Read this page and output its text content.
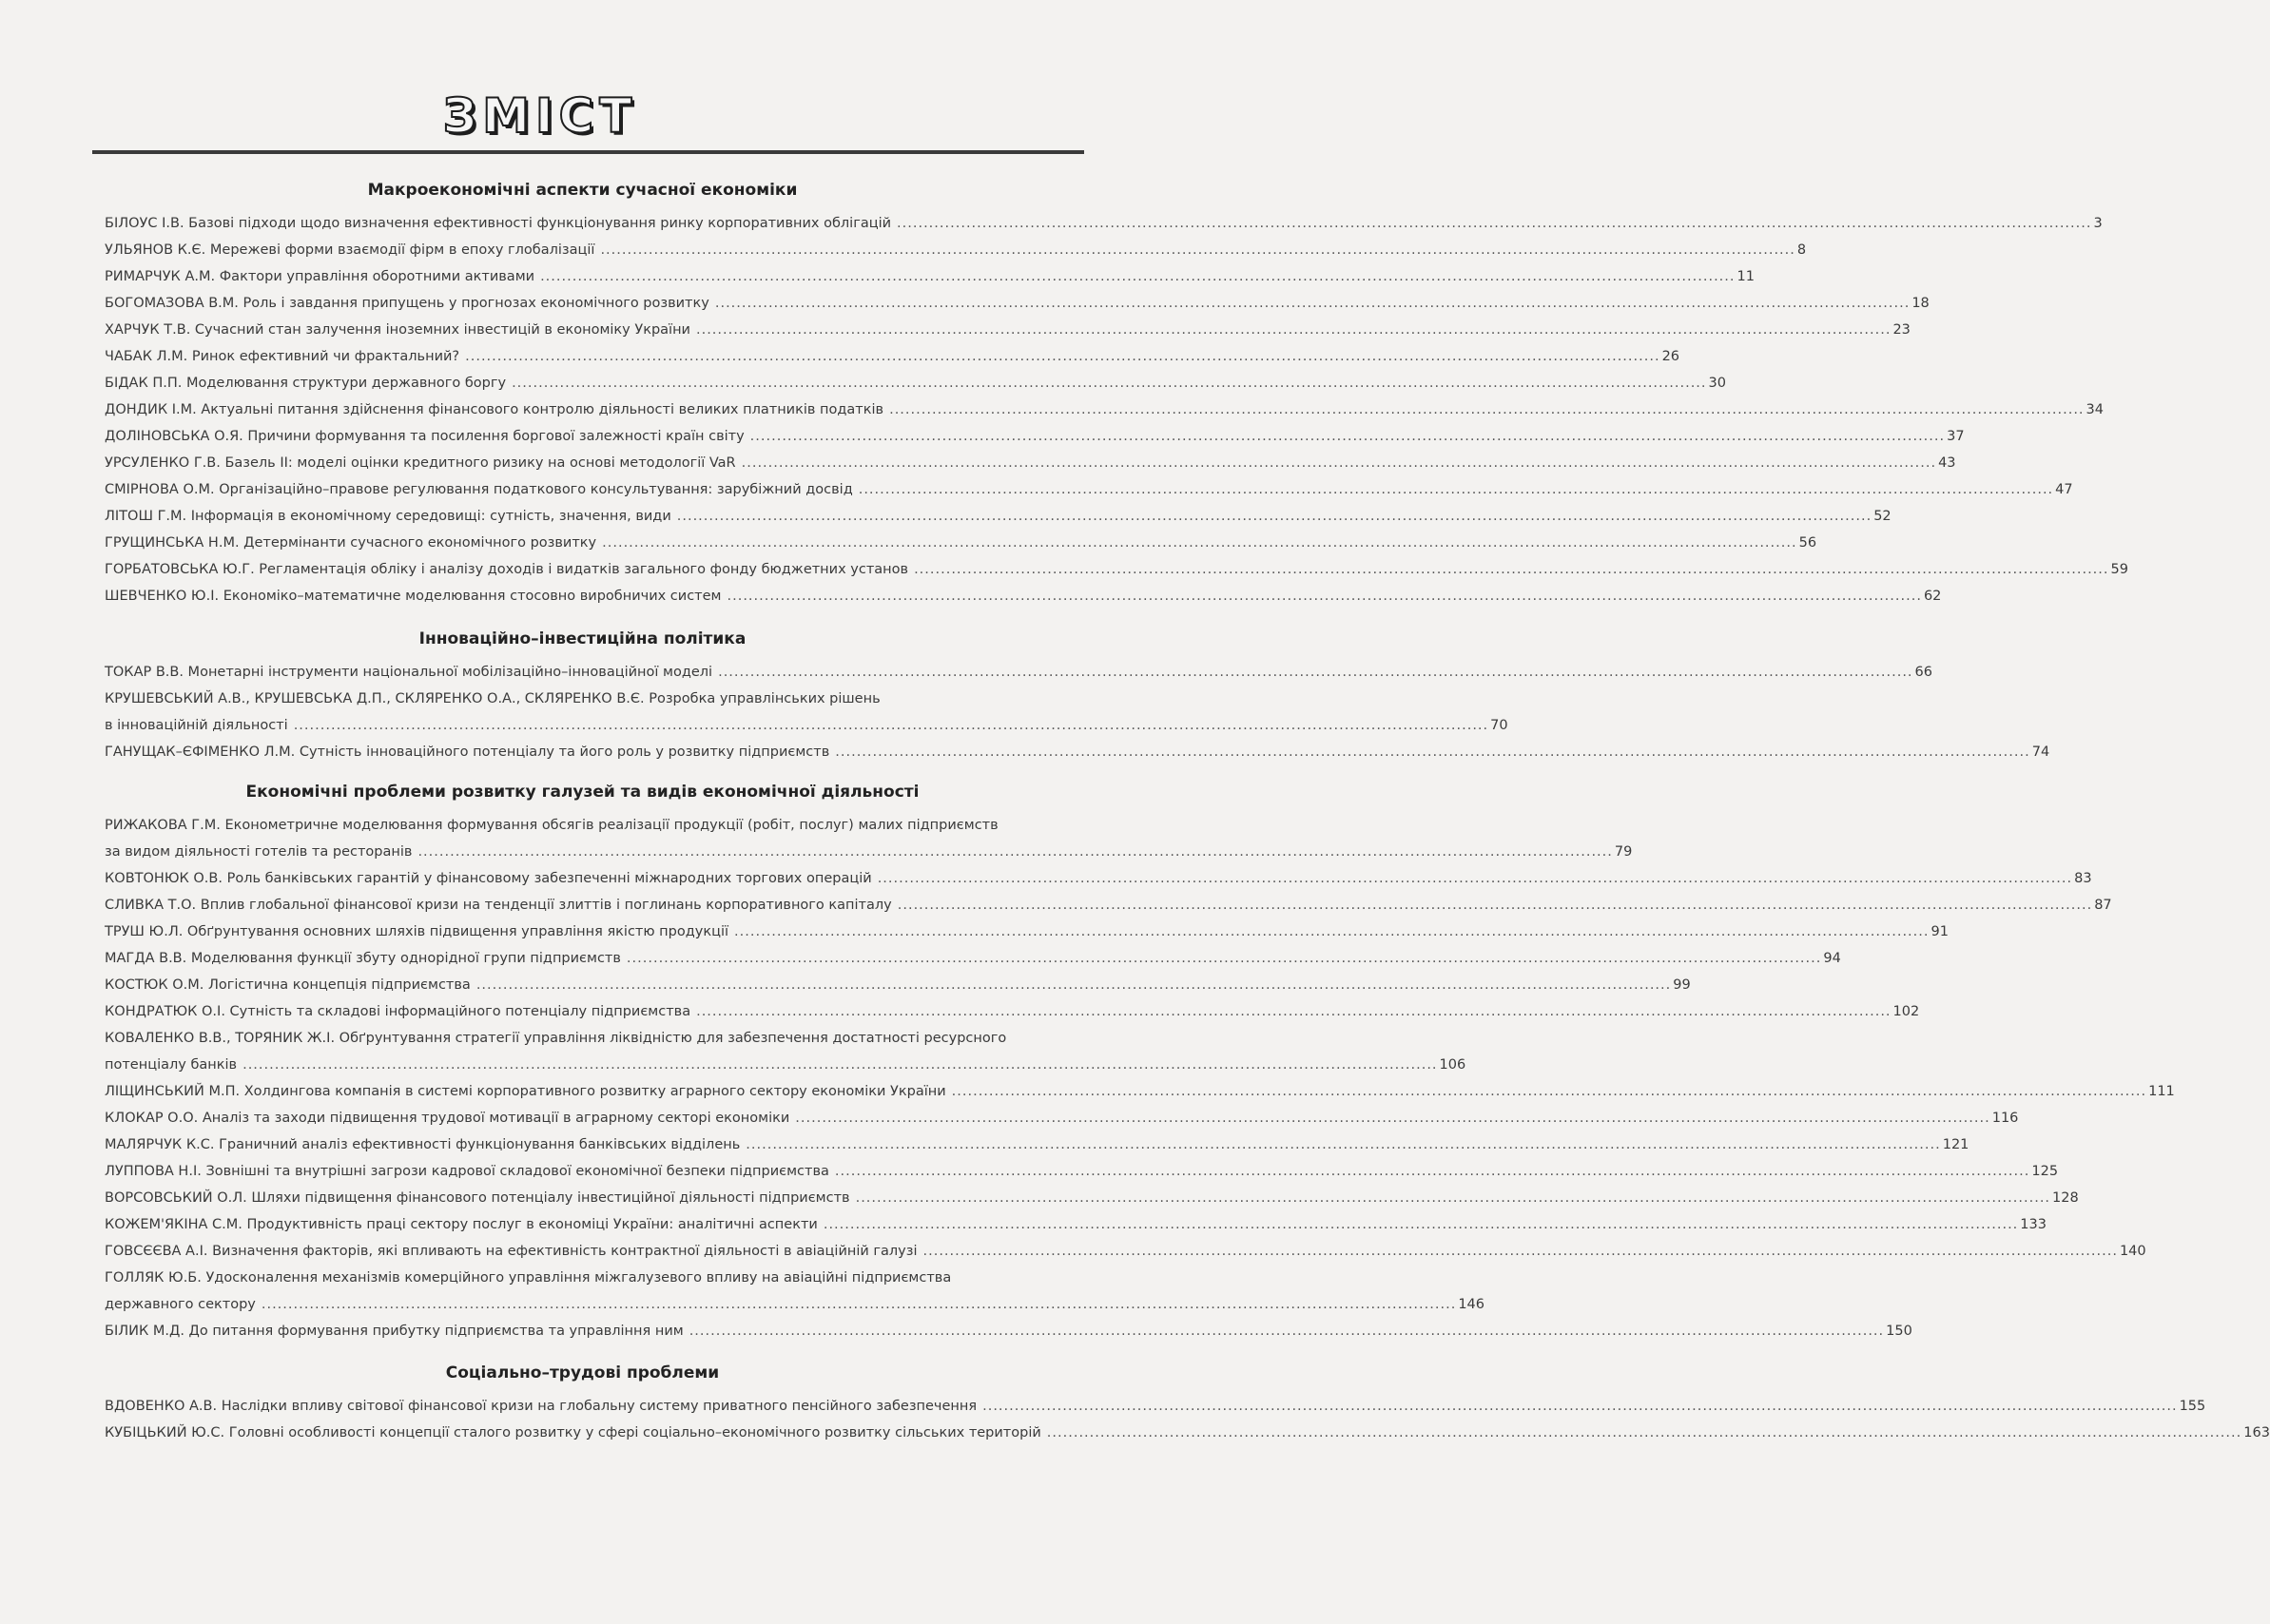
ЗМІСТ
Макроекономічні аспекти сучасної економіки
БІЛОУС І.В. Базові підходи щодо визначення ефективності функціонування ринку корпоративних облігацій .....	3
УЛЬЯНОВ К.Є. Мережеві форми взаємодії фірм в епоху глобалізації .....	8
РИМАРЧУК А.М. Фактори управління оборотними активами .....	11
БОГОМАЗОВА В.М. Роль і завдання припущень у прогнозах економічного розвитку .....	18
ХАРЧУК Т.В. Сучасний стан залучення іноземних інвестицій в економіку України .....	23
ЧАБАК Л.М. Ринок ефективний чи фрактальний? .....	26
БІДАК П.П. Моделювання структури державного боргу .....	30
ДОНДИК І.М. Актуальні питання здійснення фінансового контролю діяльності великих платників податків .....	34
ДОЛІНОВСЬКА О.Я. Причини формування та посилення боргової залежності країн світу .....	37
УРСУЛЕНКО Г.В. Базель II: моделі оцінки кредитного ризику на основі методології VaR .....	43
СМІРНОВА О.М. Організаційно–правове регулювання податкового консультування: зарубіжний досвід .....	47
ЛІТОШ Г.М. Інформація в економічному середовищі: сутність, значення, види .....	52
ГРУЩИНСЬКА Н.М. Детермінанти сучасного економічного розвитку .....	56
ГОРБАТОВСЬКА Ю.Г. Регламентація обліку і аналізу доходів і видатків загального фонду бюджетних установ .....	59
ШЕВЧЕНКО Ю.І. Економіко–математичне моделювання стосовно виробничих систем .....	62
Інноваційно–інвестиційна політика
ТОКАР В.В. Монетарні інструменти національної мобілізаційно–інноваційної моделі .....	66
КРУШЕВСЬКИЙ А.В., КРУШЕВСЬКА Д.П., СКЛЯРЕНКО О.А., СКЛЯРЕНКО В.Є. Розробка управлінських рішень
в інноваційній діяльності .....	70
ГАНУЩАК–ЄФІМЕНКО Л.М. Сутність інноваційного потенціалу та його роль у розвитку підприємств .....	74
Економічні проблеми розвитку галузей та видів економічної діяльності
РИЖАКОВА Г.М. Економетричне моделювання формування обсягів реалізації продукції (робіт, послуг) малих підприємств
за видом діяльності готелів та ресторанів .....	79
КОВТОНЮК О.В. Роль банківських гарантій у фінансовому забезпеченні міжнародних торгових операцій .....	83
СЛИВКА Т.О. Вплив глобальної фінансової кризи на тенденції злиттів і поглинань корпоративного капіталу .....	87
ТРУШ Ю.Л. Обґрунтування основних шляхів підвищення управління якістю продукції .....	91
МАГДА В.В. Моделювання функції збуту однорідної групи підприємств .....	94
КОСТЮК О.М. Логістична концепція підприємства .....	99
КОНДРАТЮК О.І. Сутність та складові інформаційного потенціалу підприємства .....	102
КОВАЛЕНКО В.В., ТОРЯНИК Ж.І. Обґрунтування стратегії управління ліквідністю для забезпечення достатності ресурсного
потенціалу банків .....	106
ЛІЩИНСЬКИЙ М.П. Холдингова компанія в системі корпоративного розвитку аграрного сектору економіки України .....	111
КЛОКАР О.О. Аналіз та заходи підвищення трудової мотивації в аграрному секторі економіки .....	116
МАЛЯРЧУК К.С. Граничний аналіз ефективності функціонування банківських відділень .....	121
ЛУППОВА Н.І. Зовнішні та внутрішні загрози кадрової складової економічної безпеки підприємства .....	125
ВОРСОВСЬКИЙ О.Л. Шляхи підвищення фінансового потенціалу інвестиційної діяльності підприємств .....	128
КОЖЕМ'ЯКІНА С.М. Продуктивність праці сектору послуг в економіці України: аналітичні аспекти .....	133
ГОВСЄЄВА А.І. Визначення факторів, які впливають на ефективність контрактної діяльності в авіаційній галузі .....	140
ГОЛЛЯК Ю.Б. Удосконалення механізмів комерційного управління міжгалузевого впливу на авіаційні підприємства
державного сектору .....	146
БІЛИК М.Д. До питання формування прибутку підприємства та управління ним .....	150
Соціально–трудові проблеми
ВДОВЕНКО А.В. Наслідки впливу світової фінансової кризи на глобальну систему приватного пенсійного забезпечення .....	155
КУБІЦЬКИЙ Ю.С. Головні особливості концепції сталого розвитку у сфері соціально–економічного розвитку сільських територій .....	163
